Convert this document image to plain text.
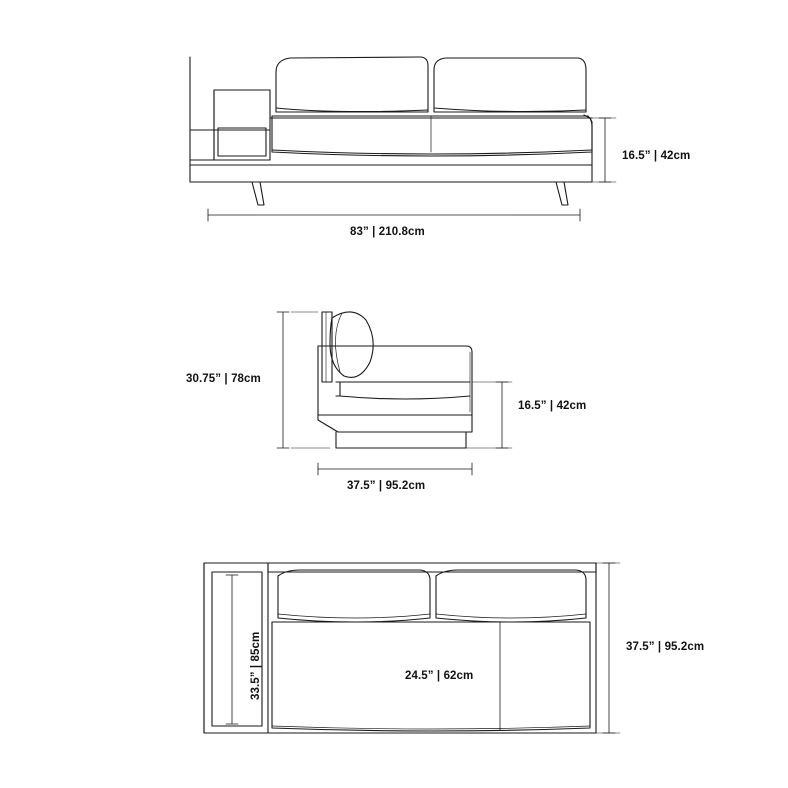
16.5” | 42cm
83” | 210.8cm
30.75” | 78cm
16.5” | 42cm
37.5” | 95.2cm
33.5” | 85cm
24.5” | 62cm
37.5” | 95.2cm
